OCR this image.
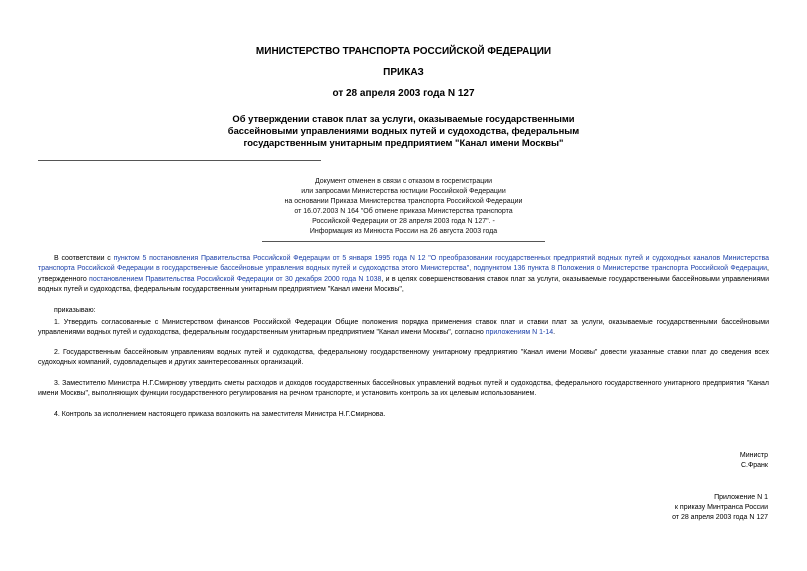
МИНИСТЕРСТВО ТРАНСПОРТА РОССИЙСКОЙ ФЕДЕРАЦИИ
ПРИКАЗ
от 28 апреля 2003 года N 127
Об утверждении ставок плат за услуги, оказываемые государственными
бассейновыми управлениями водных путей и судоходства, федеральным
государственным унитарным предприятием "Канал имени Москвы"
Документ отменен в связи с отказом в госрегистрации
или запросами Министерства юстиции Российской Федерации
на основании Приказа Министерства транспорта Российской Федерации
от 16.07.2003 N 164 "Об отмене приказа Министерства транспорта
Российской Федерации от 28 апреля 2003 года N 127". -
Информация из Минюста России на 26 августа 2003 года

В соответствии с пунктом 5 постановления Правительства Российской Федерации от 5 января 1995 года N 12 "О преобразовании государственных предприятий водных путей и судоходных каналов Министерства транспорта Российской Федерации в государственные бассейновые управления водных путей и судоходства этого Министерства", подпунктом 136 пункта 8 Положения о Министерстве транспорта Российской Федерации, утвержденного постановлением Правительства Российской Федерации от 30 декабря 2000 года N 1038, и в целях совершенствования ставок плат за услуги, оказываемые государственными бассейновыми управлениями водных путей и судоходства, федеральным государственным унитарным предприятием "Канал имени Москвы",

приказываю:

1. Утвердить согласованные с Министерством финансов Российской Федерации Общие положения порядка применения ставок плат и ставки плат за услуги, оказываемые государственными бассейновыми управлениями водных путей и судоходства, федеральным государственным унитарным предприятием "Канал имени Москвы", согласно приложениям N 1-14.

2. Государственным бассейновым управлениям водных путей и судоходства, федеральному государственному унитарному предприятию "Канал имени Москвы" довести указанные ставки плат до сведения всех судоходных компаний, судовладельцев и других заинтересованных организаций.

3. Заместителю Министра Н.Г.Смирнову утвердить сметы расходов и доходов государственных бассейновых управлений водных путей и судоходства, федерального государственного унитарного предприятия "Канал имени Москвы", выполняющих функции государственного регулирования на речном транспорте, и установить контроль за их целевым использованием.

4. Контроль за исполнением настоящего приказа возложить на заместителя Министра Н.Г.Смирнова.

Министр
С.Франк
Приложение N 1
к приказу Минтранса России
от 28 апреля 2003 года N 127
